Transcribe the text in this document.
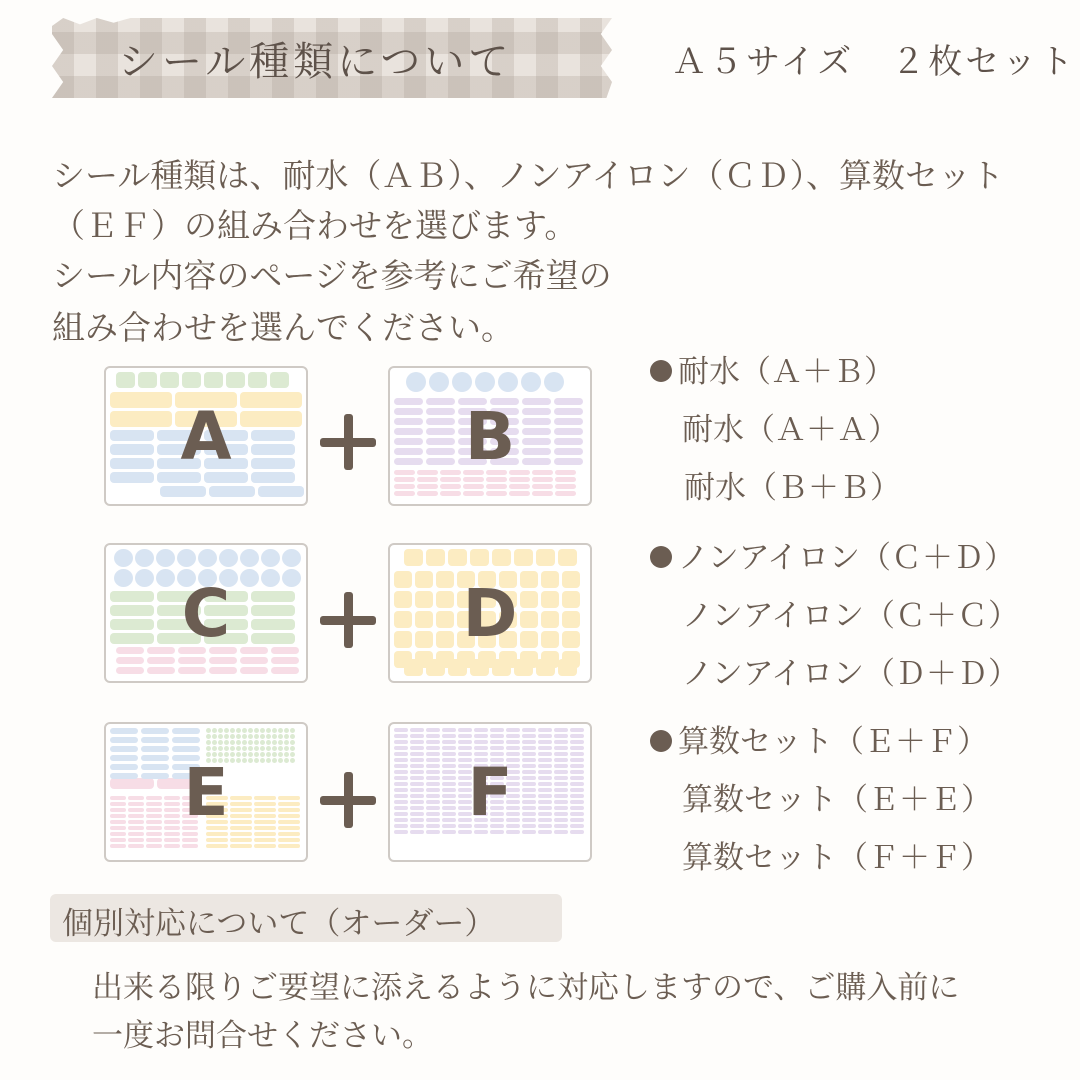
シール種類について	Ａ５サイズ　２枚セット
シール種類は、耐水（ＡＢ）、ノンアイロン（ＣＤ）、算数セット
（ＥＦ）の組み合わせを選びます。
シール内容のページを参考にご希望の
組み合わせを選んでください。
A	B
C	D
E	F
耐水（Ａ＋Ｂ）
耐水（Ａ＋Ａ）
耐水（Ｂ＋Ｂ）
ノンアイロン（Ｃ＋Ｄ）
ノンアイロン（Ｃ＋Ｃ）
ノンアイロン（Ｄ＋Ｄ）
算数セット（Ｅ＋Ｆ）
算数セット（Ｅ＋Ｅ）
算数セット（Ｆ＋Ｆ）
個別対応について（オーダー）
出来る限りご要望に添えるように対応しますので、ご購入前に
一度お問合せください。
